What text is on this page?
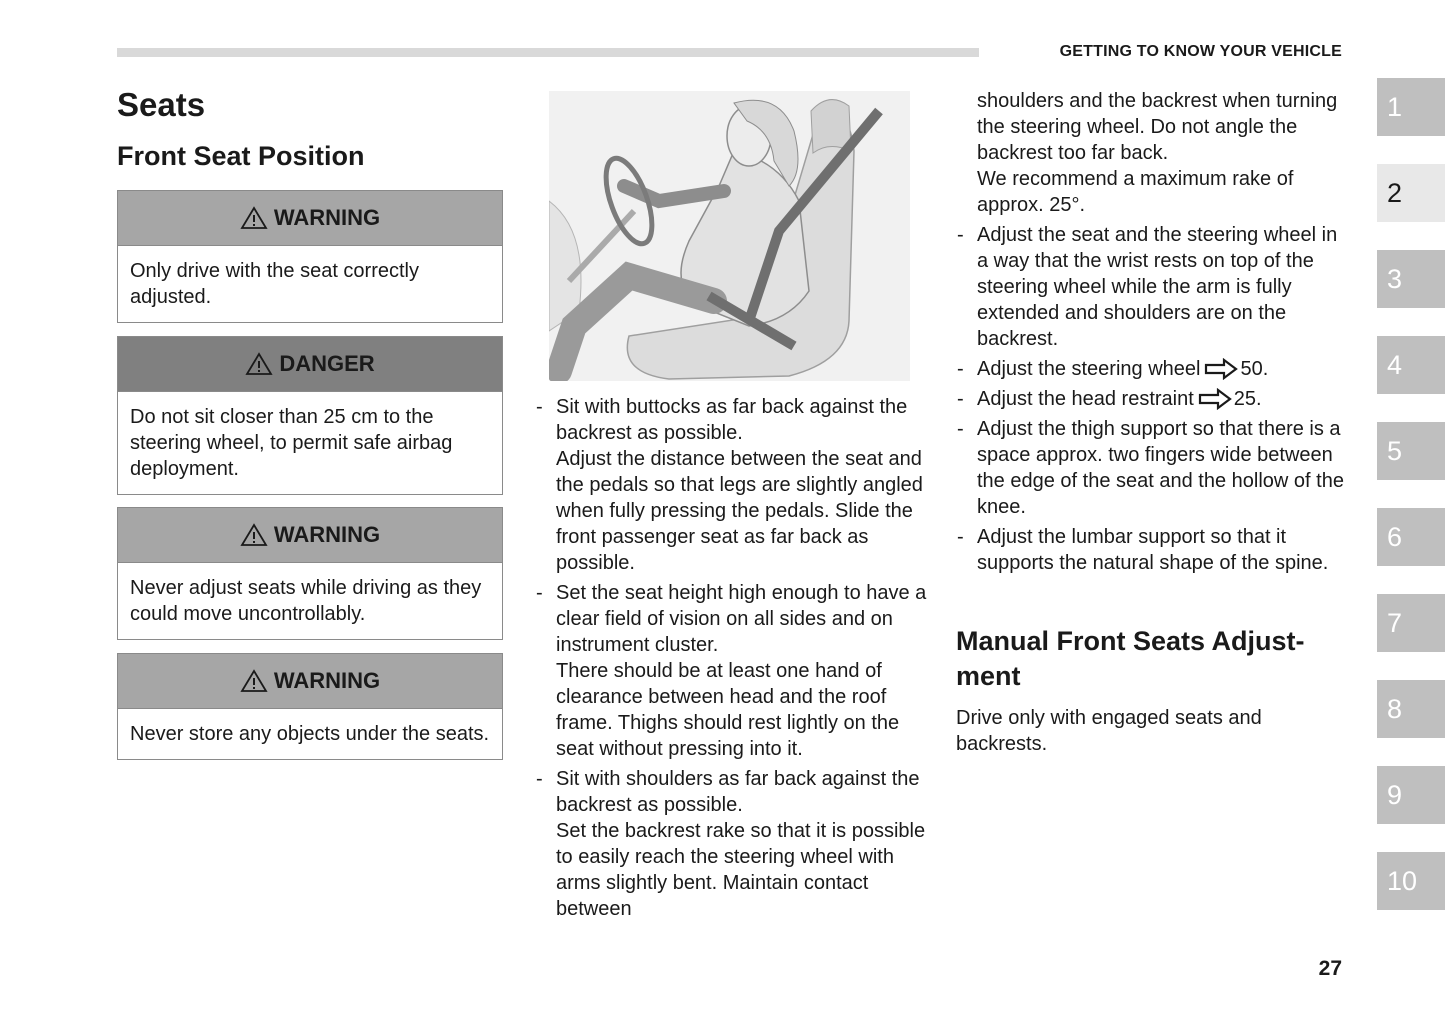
GETTING TO KNOW YOUR VEHICLE
Seats
Front Seat Position
WARNING
Only drive with the seat correctly adjusted.
DANGER
Do not sit closer than 25 cm to the steering wheel, to permit safe airbag deployment.
WARNING
Never adjust seats while driving as they could move uncontrollably.
WARNING
Never store any objects under the seats.
- Sit with buttocks as far back against the backrest as possible.
Adjust the distance between the seat and the pedals so that legs are slightly angled when fully pressing the pedals. Slide the front passenger seat as far back as possible.
- Set the seat height high enough to have a clear field of vision on all sides and on instrument cluster.
There should be at least one hand of clearance between head and the roof frame. Thighs should rest lightly on the seat without pressing into it.
- Sit with shoulders as far back against the backrest as possible.
Set the backrest rake so that it is possible to easily reach the steering wheel with arms slightly bent. Maintain contact between
shoulders and the backrest when turning the steering wheel. Do not angle the backrest too far back.
We recommend a maximum rake of approx. 25°.
- Adjust the seat and the steering wheel in a way that the wrist rests on top of the steering wheel while the arm is fully extended and shoulders are on the backrest.
- Adjust the steering wheel 50.
- Adjust the head restraint 25.
- Adjust the thigh support so that there is a space approx. two fingers wide between the edge of the seat and the hollow of the knee.
- Adjust the lumbar support so that it supports the natural shape of the spine.
Manual Front Seats Adjust-ment
Drive only with engaged seats and backrests.
1
2
3
4
5
6
7
8
9
10
27
